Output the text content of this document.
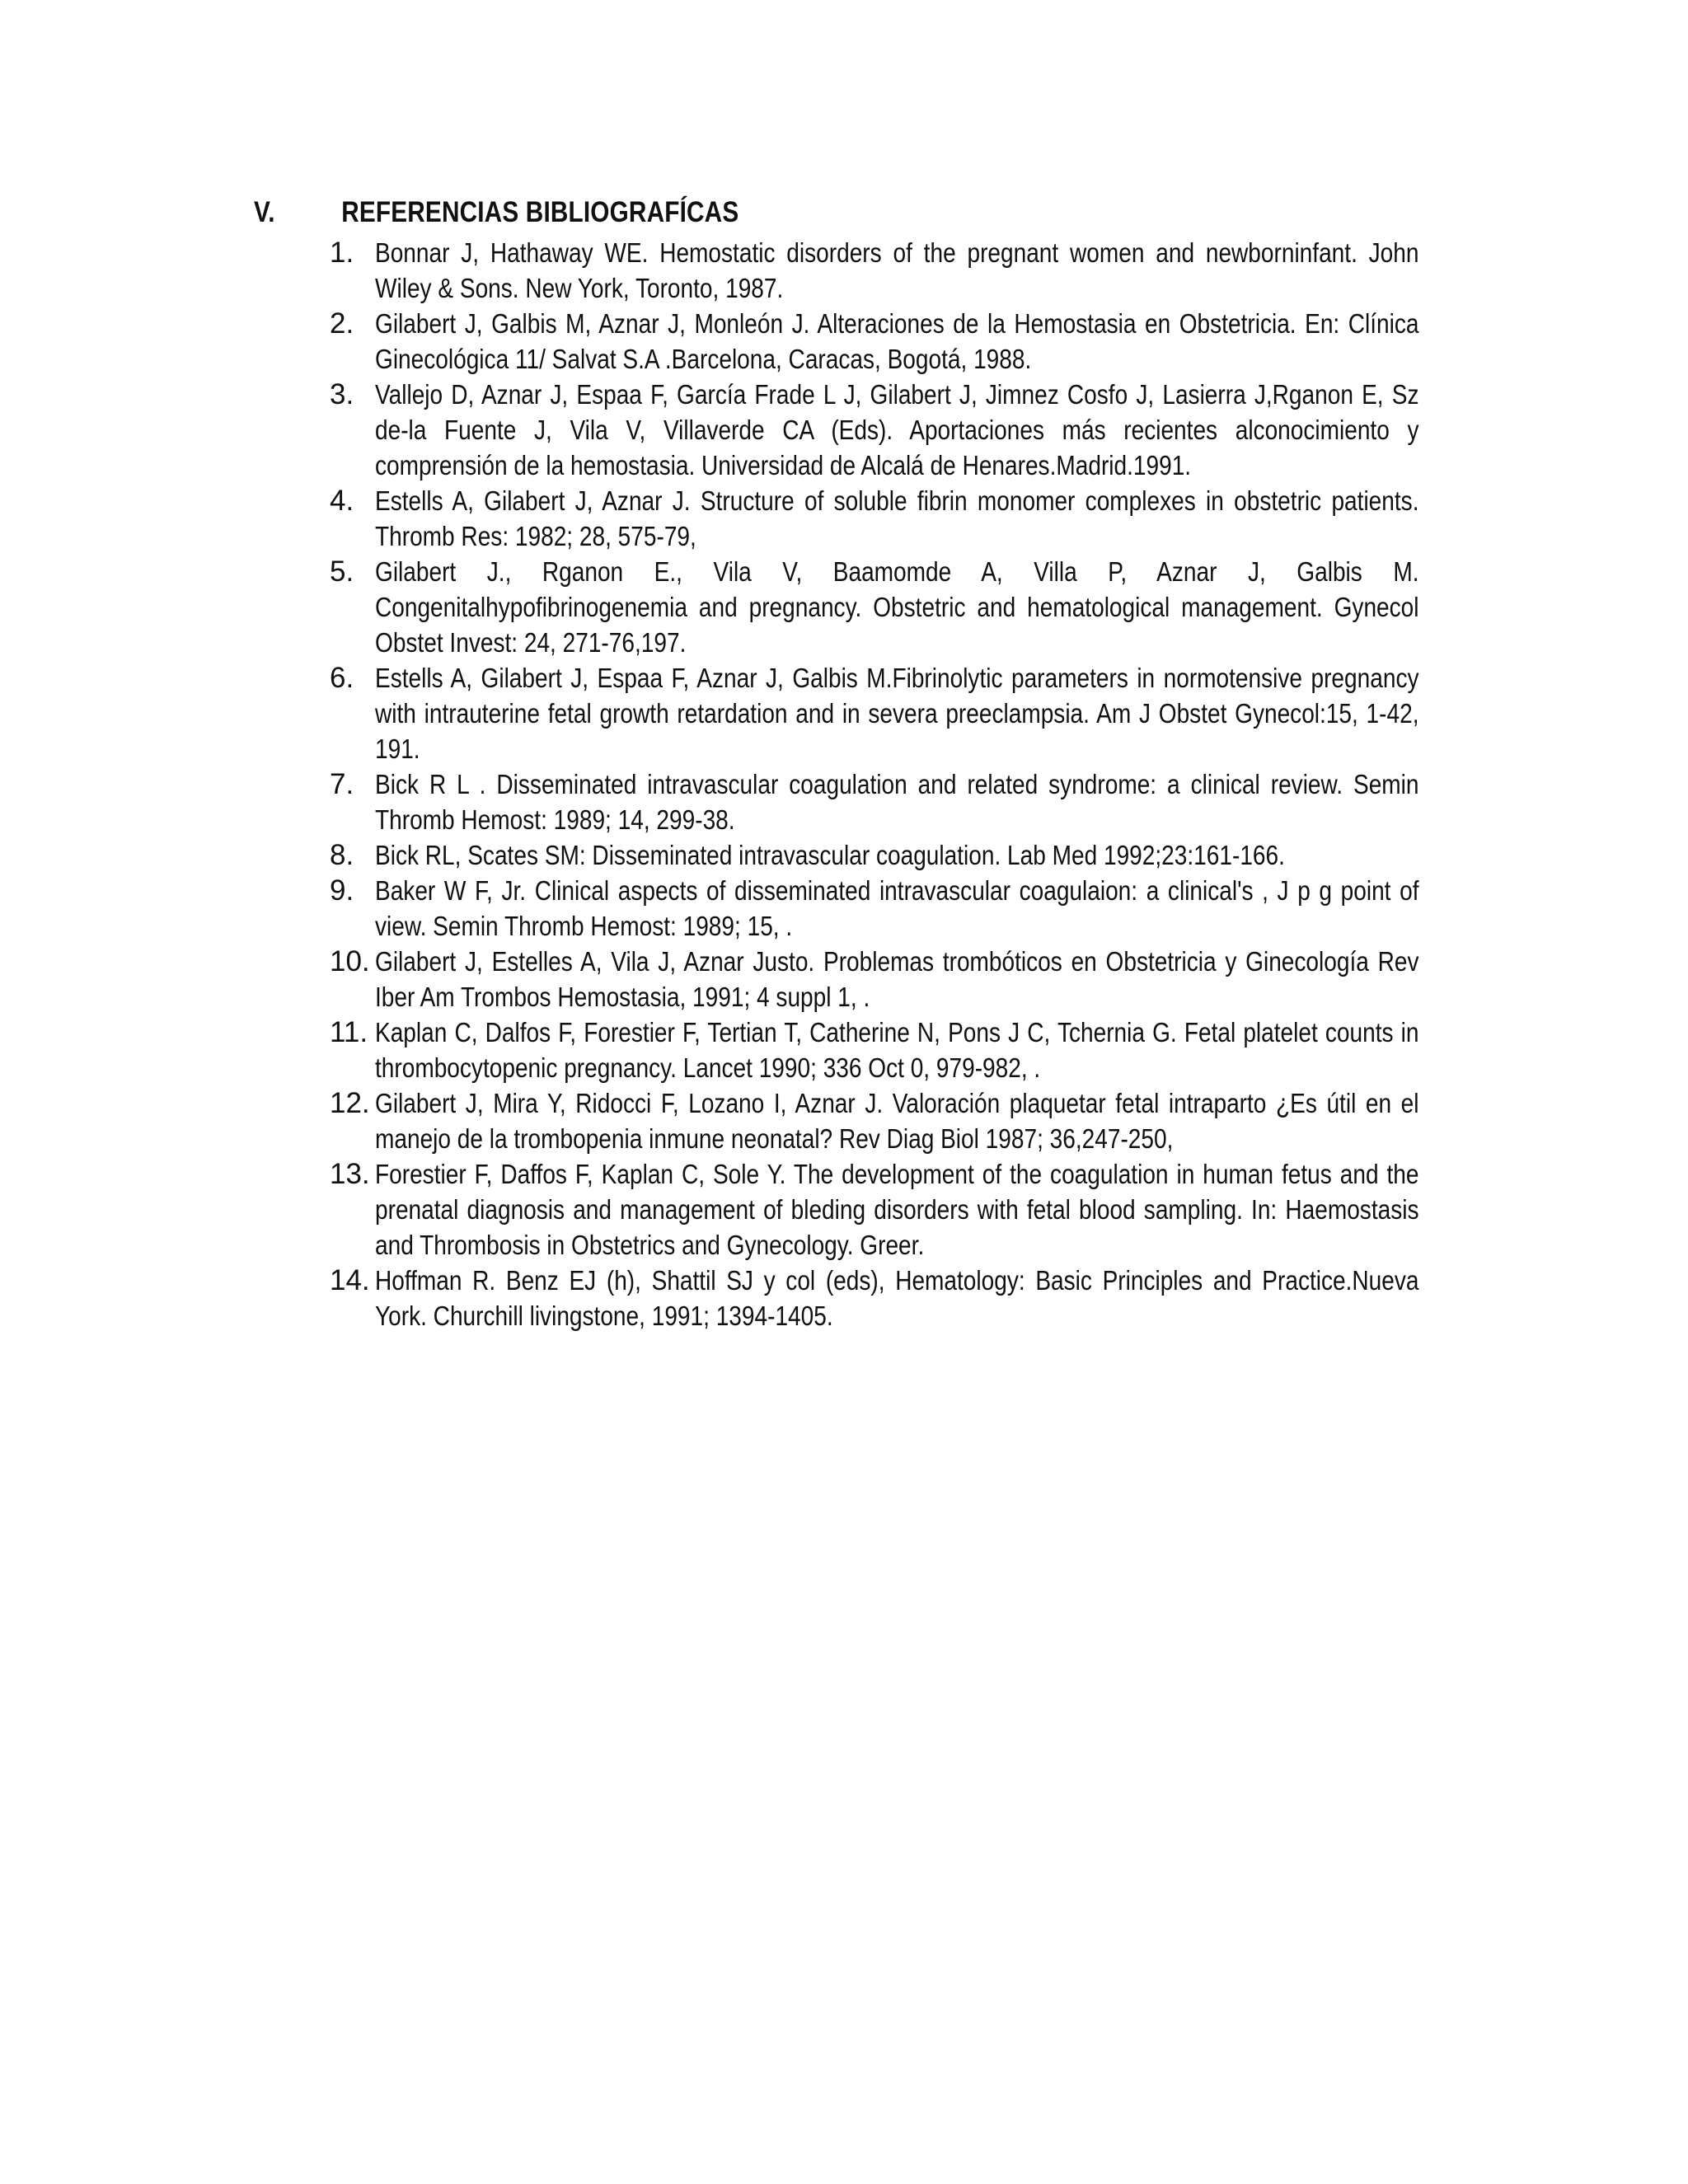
V. REFERENCIAS BIBLIOGRAFÍCAS
1. Bonnar J, Hathaway WE. Hemostatic disorders of the pregnant women and newborninfant. John Wiley & Sons. New York, Toronto, 1987.
2. Gilabert J, Galbis M, Aznar J, Monleón J. Alteraciones de la Hemostasia en Obstetricia. En: Clínica Ginecológica 11/ Salvat S.A .Barcelona, Caracas, Bogotá, 1988.
3. Vallejo D, Aznar J, Espaa F, García Frade L J, Gilabert J, Jimnez Cosfo J, Lasierra J,Rganon E, Sz de-la Fuente J, Vila V, Villaverde CA (Eds). Aportaciones más recientes alconocimiento y comprensión de la hemostasia. Universidad de Alcalá de Henares.Madrid.1991.
4. Estells A, Gilabert J, Aznar J. Structure of soluble fibrin monomer complexes in obstetric patients. Thromb Res: 1982; 28, 575-79,
5. Gilabert J., Rganon E., Vila V, Baamomde A, Villa P, Aznar J, Galbis M. Congenitalhypofibrinogenemia and pregnancy. Obstetric and hematological management. Gynecol Obstet Invest: 24, 271-76,197.
6. Estells A, Gilabert J, Espaa F, Aznar J, Galbis M.Fibrinolytic parameters in normotensive pregnancy with intrauterine fetal growth retardation and in severa preeclampsia. Am J Obstet Gynecol:15, 1-42, 191.
7. Bick R L . Disseminated intravascular coagulation and related syndrome: a clinical review. Semin Thromb Hemost: 1989; 14, 299-38.
8. Bick RL, Scates SM: Disseminated intravascular coagulation. Lab Med 1992;23:161-166.
9. Baker W F, Jr. Clinical aspects of disseminated intravascular coagulaion: a clinical's , J p g point of view. Semin Thromb Hemost: 1989; 15, .
10. Gilabert J, Estelles A, Vila J, Aznar Justo. Problemas trombóticos en Obstetricia y Ginecología Rev Iber Am Trombos Hemostasia, 1991; 4 suppl 1, .
11. Kaplan C, Dalfos F, Forestier F, Tertian T, Catherine N, Pons J C, Tchernia G. Fetal platelet counts in thrombocytopenic pregnancy. Lancet 1990; 336 Oct 0, 979-982, .
12. Gilabert J, Mira Y, Ridocci F, Lozano I, Aznar J. Valoración plaquetar fetal intraparto ¿Es útil en el manejo de la trombopenia inmune neonatal? Rev Diag Biol 1987; 36,247-250,
13. Forestier F, Daffos F, Kaplan C, Sole Y. The development of the coagulation in human fetus and the prenatal diagnosis and management of bleding disorders with fetal blood sampling. In: Haemostasis and Thrombosis in Obstetrics and Gynecology. Greer.
14. Hoffman R. Benz EJ (h), Shattil SJ y col (eds), Hematology: Basic Principles and Practice.Nueva York. Churchill livingstone, 1991; 1394-1405.
